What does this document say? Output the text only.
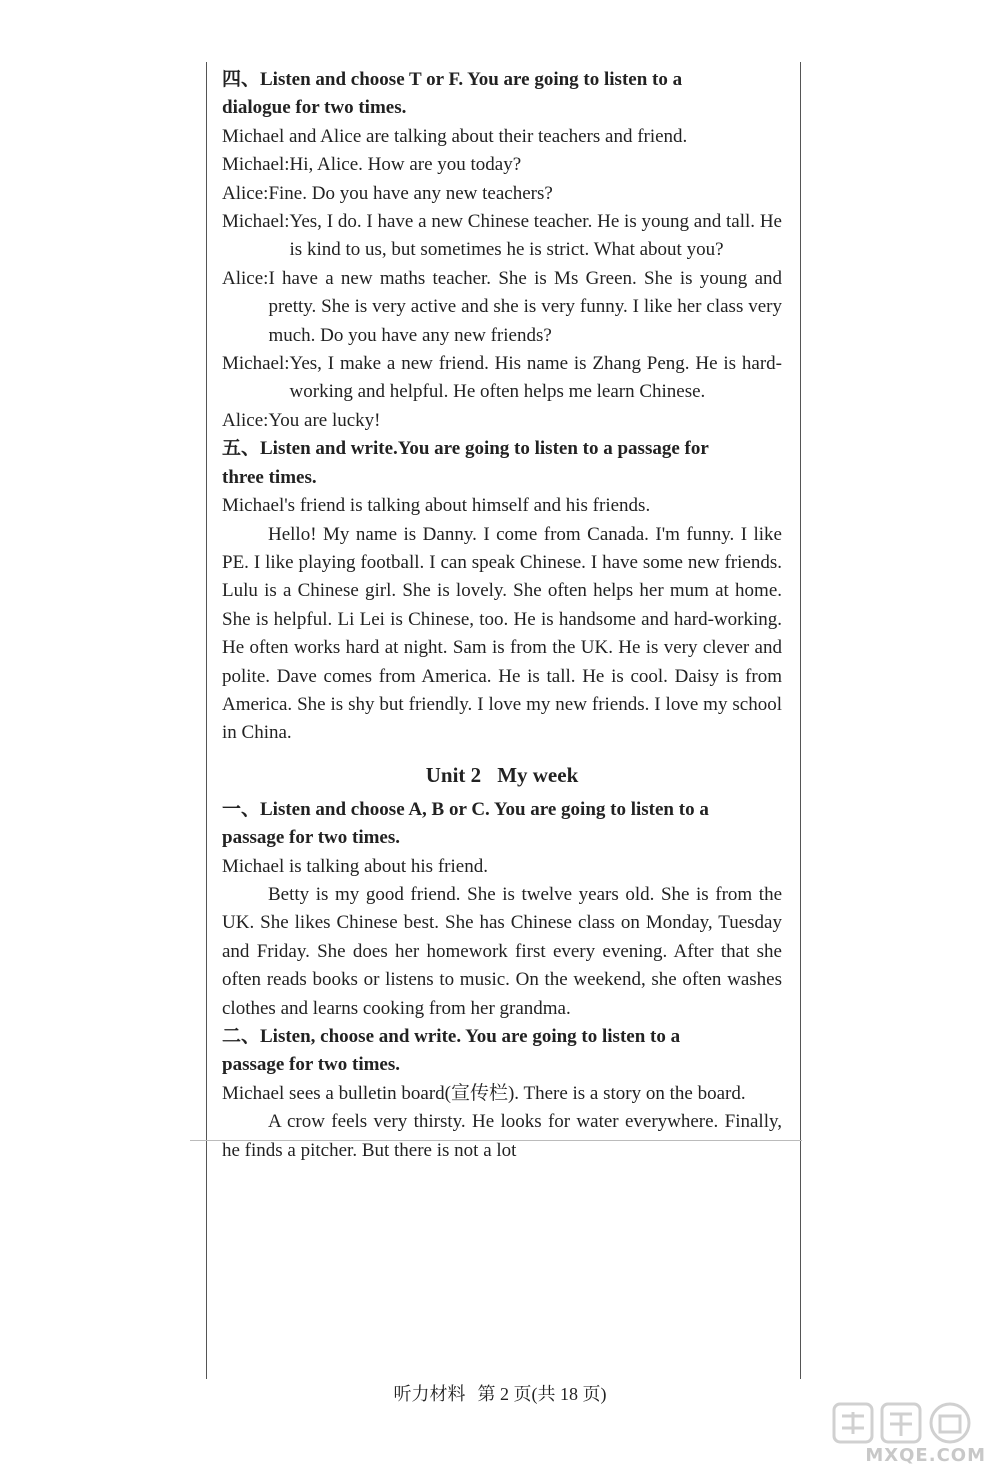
四、Listen and choose T or F. You are going to listen to a
dialogue for two times.

Michael and Alice are talking about their teachers and friend.

Michael: Hi, Alice. How are you today?
Alice: Fine. Do you have any new teachers?
Michael: Yes, I do. I have a new Chinese teacher. He is young and tall. He is kind to us, but sometimes he is strict. What about you?
Alice: I have a new maths teacher. She is Ms Green. She is young and pretty. She is very active and she is very funny. I like her class very much. Do you have any new friends?
Michael: Yes, I make a new friend. His name is Zhang Peng. He is hard-working and helpful. He often helps me learn Chinese.
Alice: You are lucky!

五、Listen and write.You are going to listen to a passage for
three times.

Michael's friend is talking about himself and his friends.

Hello! My name is Danny. I come from Canada. I'm funny. I like PE. I like playing football. I can speak Chinese. I have some new friends. Lulu is a Chinese girl. She is lovely. She often helps her mum at home. She is helpful. Li Lei is Chinese, too. He is handsome and hard-working. He often works hard at night. Sam is from the UK. He is very clever and polite. Dave comes from America. He is tall. He is cool. Daisy is from America. She is shy but friendly. I love my new friends. I love my school in China.

Unit 2 My week

一、Listen and choose A, B or C. You are going to listen to a
passage for two times.

Michael is talking about his friend.

Betty is my good friend. She is twelve years old. She is from the UK. She likes Chinese best. She has Chinese class on Monday, Tuesday and Friday. She does her homework first every evening. After that she often reads books or listens to music. On the weekend, she often washes clothes and learns cooking from her grandma.

二、Listen, choose and write. You are going to listen to a
passage for two times.

Michael sees a bulletin board(宣传栏). There is a story on the board.

A crow feels very thirsty. He looks for water everywhere. Finally, he finds a pitcher. But there is not a lot

听力材料 第 2 页(共 18 页)
MXQE.COM
